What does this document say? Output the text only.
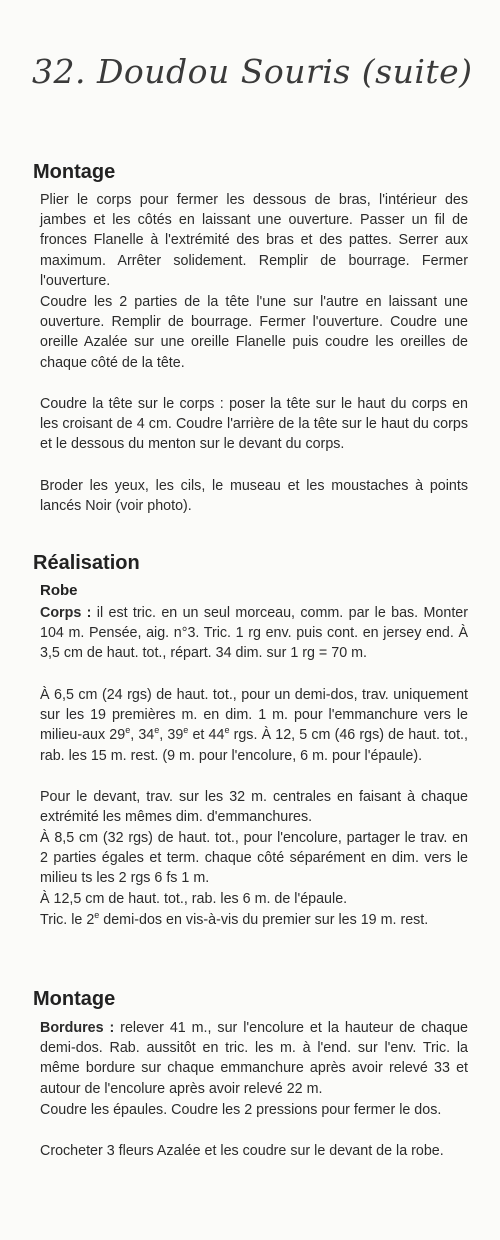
32. Doudou Souris (suite)
Montage

Plier le corps pour fermer les dessous de bras, l'intérieur des jambes et les côtés en laissant une ouverture. Passer un fil de fronces Flanelle à l'extrémité des bras et des pattes. Serrer aux maximum. Arrêter solidement. Remplir de bourrage. Fermer l'ouverture.

Coudre les 2 parties de la tête l'une sur l'autre en laissant une ouverture. Remplir de bourrage. Fermer l'ouverture. Coudre une oreille Azalée sur une oreille Flanelle puis coudre les oreilles de chaque côté de la tête.

Coudre la tête sur le corps : poser la tête sur le haut du corps en les croisant de 4 cm. Coudre l'arrière de la tête sur le haut du corps et le dessous du menton sur le devant du corps.

Broder les yeux, les cils, le museau et les moustaches à points lancés Noir (voir photo).

Réalisation
Robe

Corps : il est tric. en un seul morceau, comm. par le bas. Monter 104 m. Pensée, aig. n°3. Tric. 1 rg env. puis cont. en jersey end. À 3,5 cm de haut. tot., répart. 34 dim. sur 1 rg = 70 m.

À 6,5 cm (24 rgs) de haut. tot., pour un demi-dos, trav. uniquement sur les 19 premières m. en dim. 1 m. pour l'emmanchure vers le milieu-aux 29e, 34e, 39e et 44e rgs. À 12, 5 cm (46 rgs) de haut. tot., rab. les 15 m. rest. (9 m. pour l'encolure, 6 m. pour l'épaule).

Pour le devant, trav. sur les 32 m. centrales en faisant à chaque extrémité les mêmes dim. d'emmanchures.

À 8,5 cm (32 rgs) de haut. tot., pour l'encolure, partager le trav. en 2 parties égales et term. chaque côté séparément en dim. vers le milieu ts les 2 rgs 6 fs 1 m.

À 12,5 cm de haut. tot., rab. les 6 m. de l'épaule.

Tric. le 2e demi-dos en vis-à-vis du premier sur les 19 m. rest.

Montage

Bordures : relever 41 m., sur l'encolure et la hauteur de chaque demi-dos. Rab. aussitôt en tric. les m. à l'end. sur l'env. Tric. la même bordure sur chaque emmanchure après avoir relevé 33 et autour de l'encolure après avoir relevé 22 m.

Coudre les épaules. Coudre les 2 pressions pour fermer le dos.

Crocheter 3 fleurs Azalée et les coudre sur le devant de la robe.
